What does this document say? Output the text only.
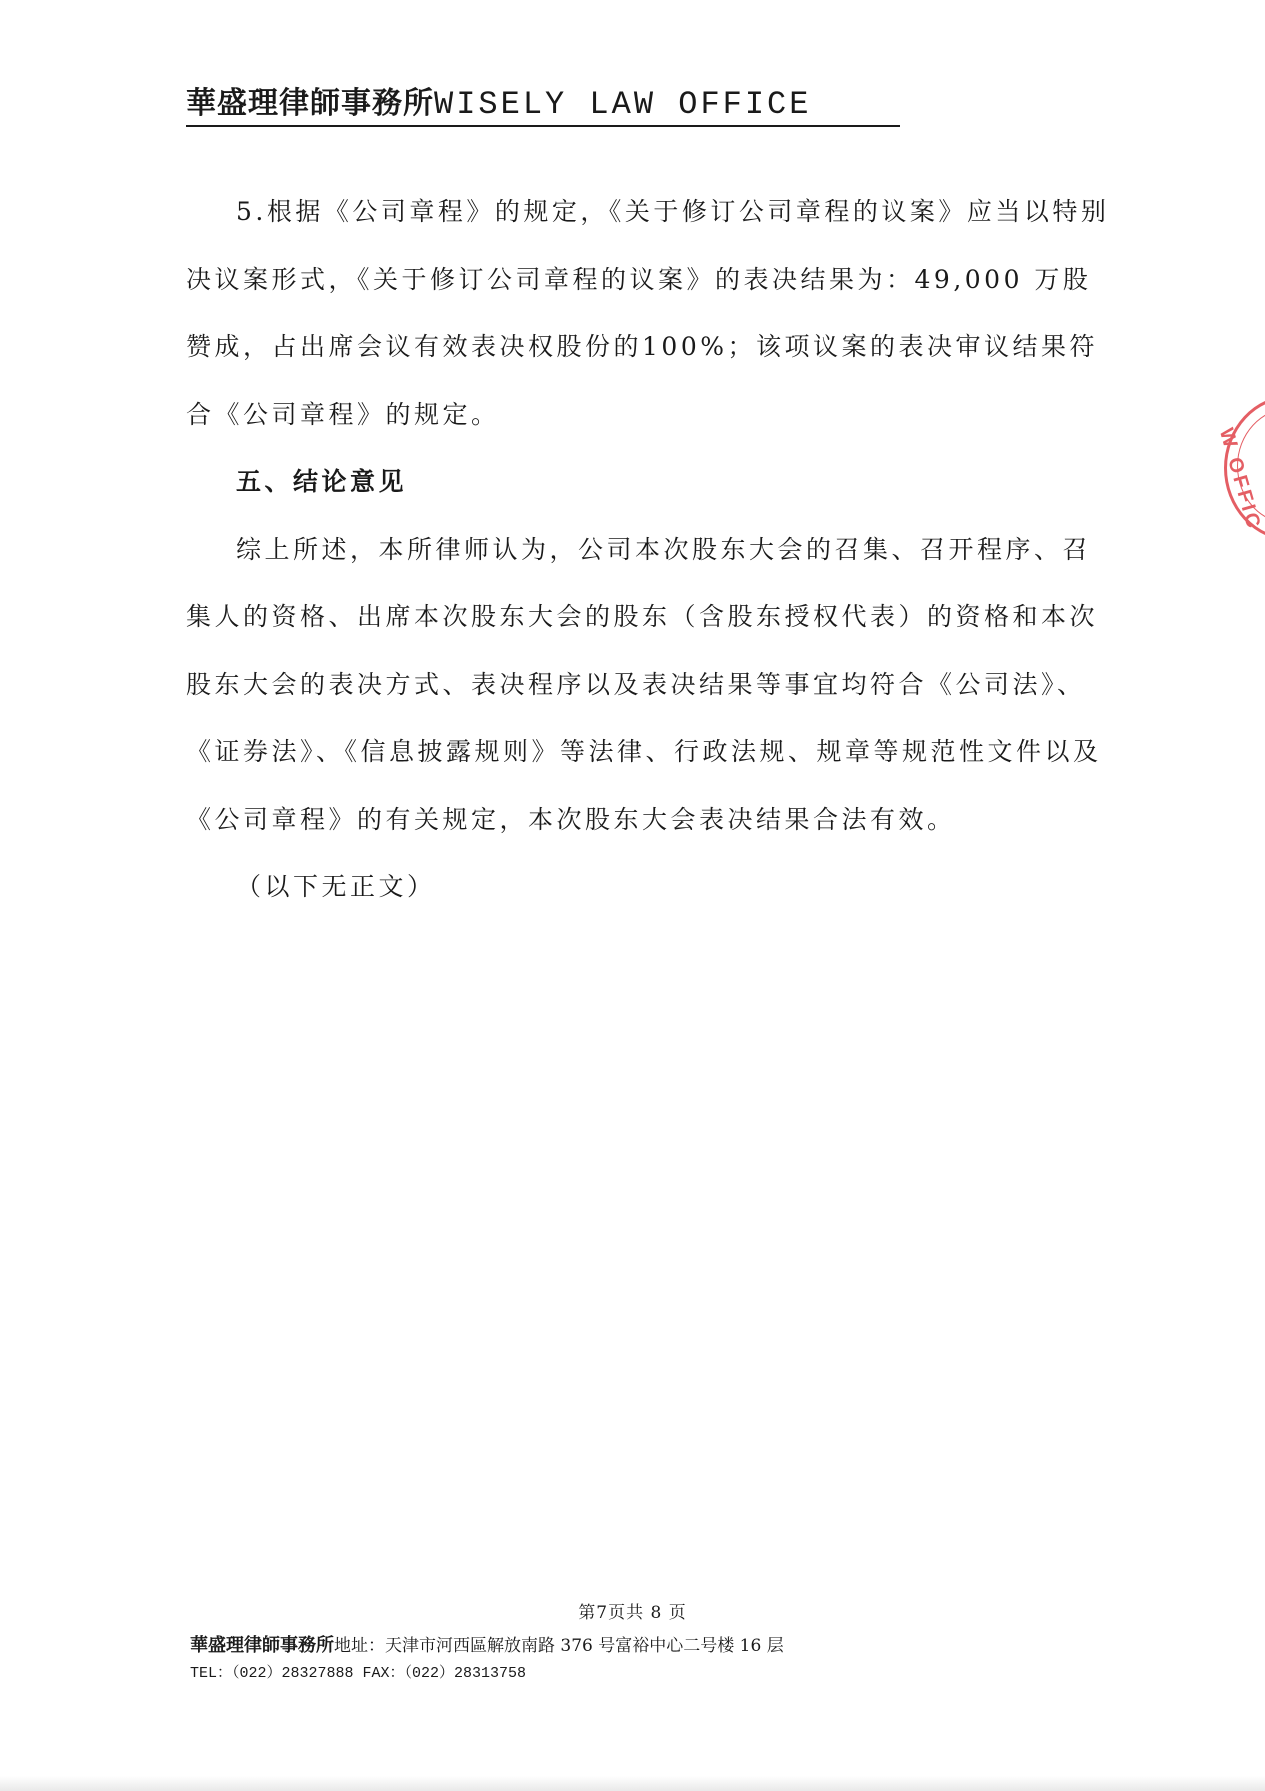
華盛理律師事務所WISELY LAW OFFICE

5.根据《公司章程》的规定，《关于修订公司章程的议案》应当以特别决议案形式，《关于修订公司章程的议案》的表决结果为：49,000 万股赞成，占出席会议有效表决权股份的100%；该项议案的表决审议结果符合《公司章程》的规定。

五、结论意见

综上所述，本所律师认为，公司本次股东大会的召集、召开程序、召集人的资格、出席本次股东大会的股东（含股东授权代表）的资格和本次股东大会的表决方式、表决程序以及表决结果等事宜均符合《公司法》、《证券法》、《信息披露规则》等法律、行政法规、规章等规范性文件以及《公司章程》的有关规定，本次股东大会表决结果合法有效。

（以下无正文）

W OFFIC
第7页共 8 页
華盛理律師事務所地址：天津市河西區解放南路 376 号富裕中心二号楼 16 层
TEL：（022）28327888 FAX：（022）28313758
